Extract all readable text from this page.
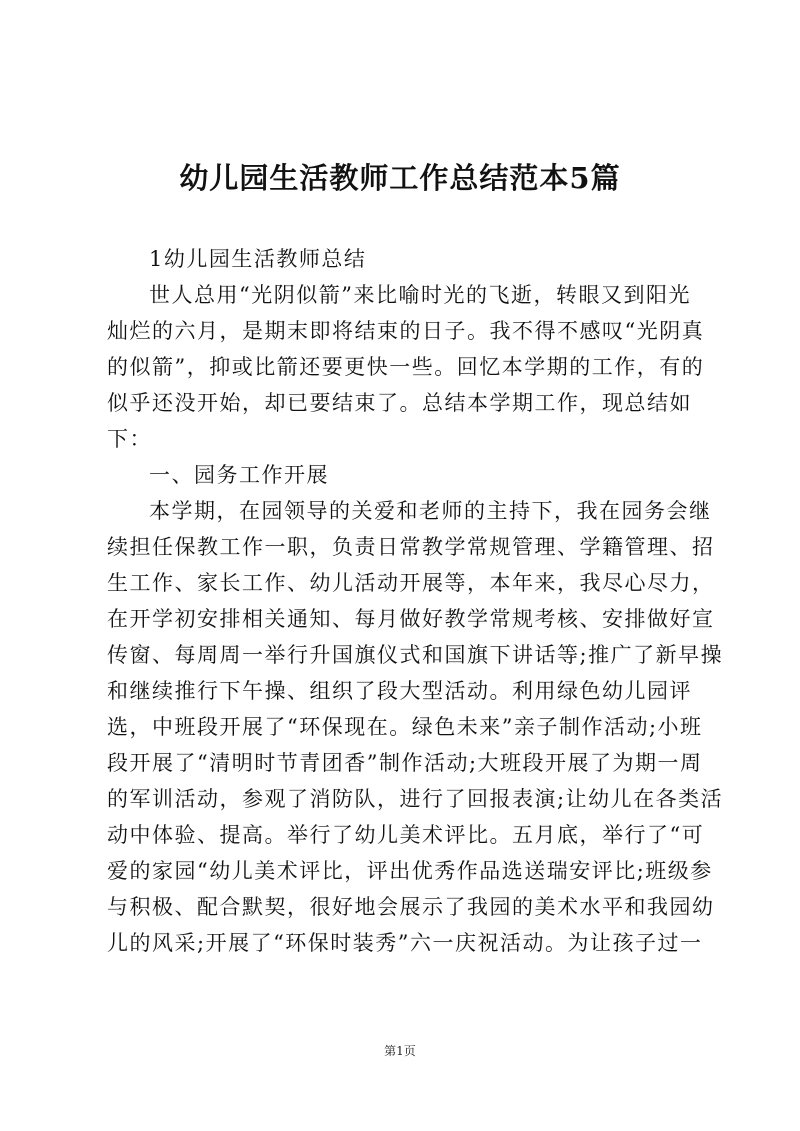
幼儿园生活教师工作总结范本5篇
1幼儿园生活教师总结
世人总用“光阴似箭”来比喻时光的飞逝，转眼又到阳光
灿烂的六月，是期末即将结束的日子。我不得不感叹“光阴真
的似箭”，抑或比箭还要更快一些。回忆本学期的工作，有的
似乎还没开始，却已要结束了。总结本学期工作，现总结如
下：
一、园务工作开展
本学期，在园领导的关爱和老师的主持下，我在园务会继
续担任保教工作一职，负责日常教学常规管理、学籍管理、招
生工作、家长工作、幼儿活动开展等，本年来，我尽心尽力，
在开学初安排相关通知、每月做好教学常规考核、安排做好宣
传窗、每周周一举行升国旗仪式和国旗下讲话等;推广了新早操
和继续推行下午操、组织了段大型活动。利用绿色幼儿园评
选，中班段开展了“环保现在。绿色未来”亲子制作活动;小班
段开展了“清明时节青团香”制作活动;大班段开展了为期一周
的军训活动，参观了消防队，进行了回报表演;让幼儿在各类活
动中体验、提高。举行了幼儿美术评比。五月底，举行了“可
爱的家园“幼儿美术评比，评出优秀作品选送瑞安评比;班级参
与积极、配合默契，很好地会展示了我园的美术水平和我园幼
儿的风采;开展了“环保时装秀”六一庆祝活动。为让孩子过一
第1页
